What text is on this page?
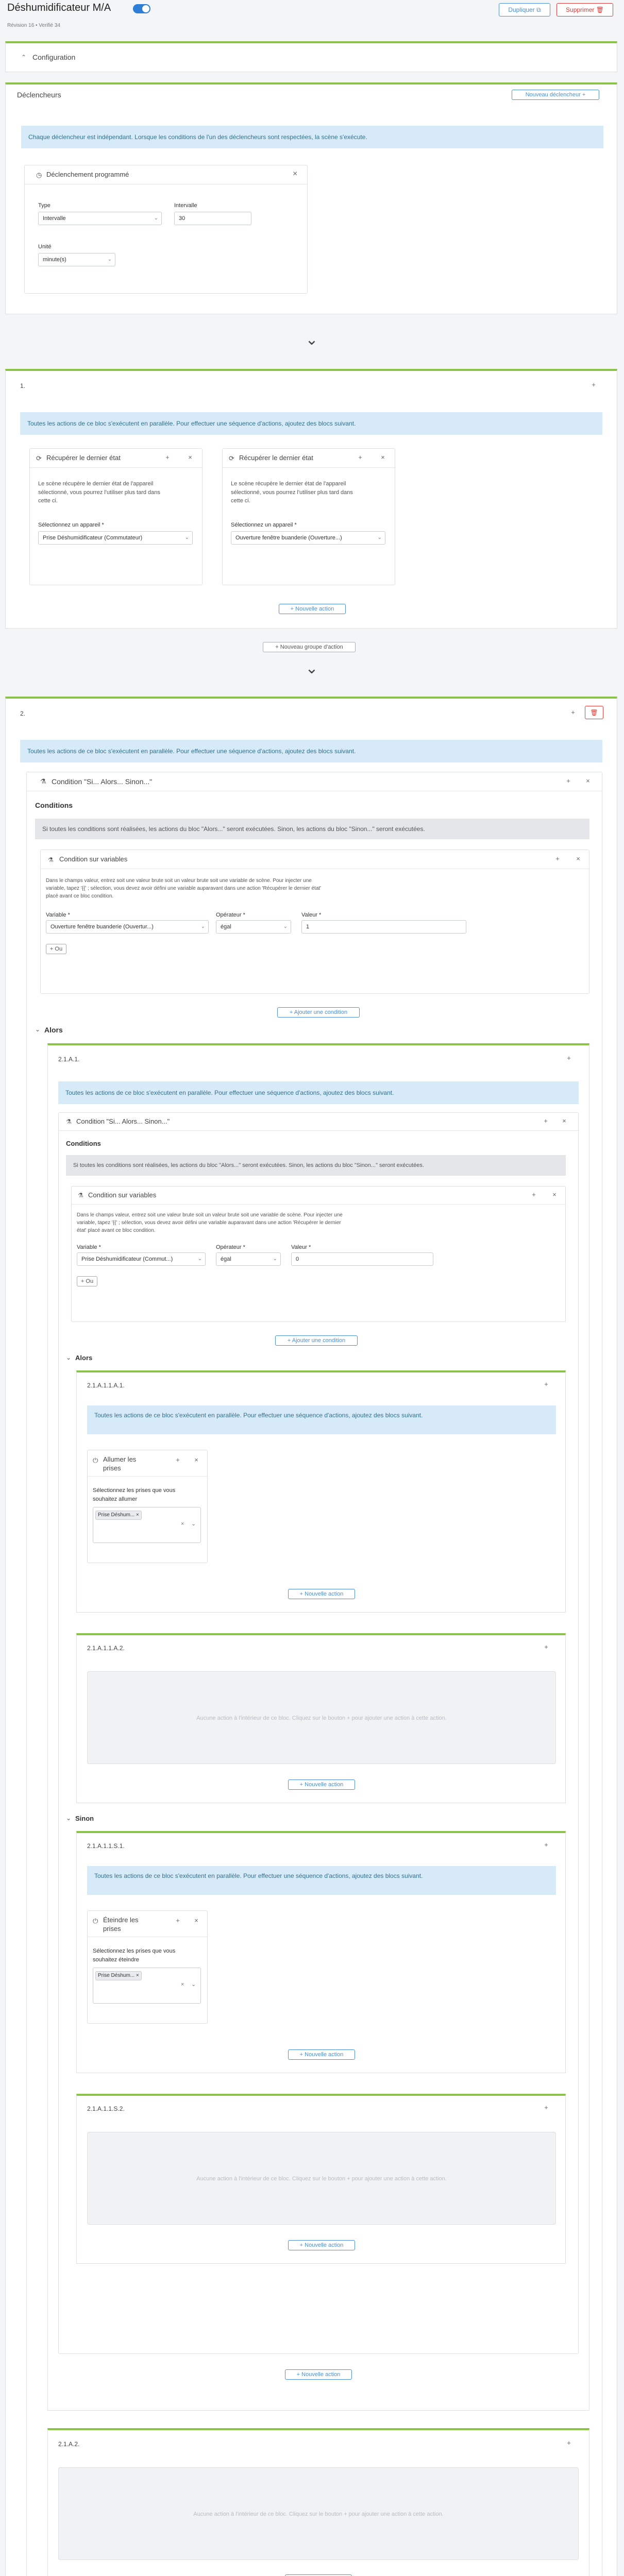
Déshumidificateur M/A
Révision 16 • Verifié 34
Dupliquer ⧉	Supprimer 🗑
⌃ Configuration
Déclencheurs	Nouveau déclencheur +
Chaque déclencheur est indépendant. Lorsque les conditions de l'un des déclencheurs sont respectées, la scène s'exécute.
◷ Déclenchement programmé	×
Type
Intervalle	⌄
Intervalle
30
Unité
minute(s)	⌄
⌄
1.	+
Toutes les actions de ce bloc s'exécutent en parallèle. Pour effectuer une séquence d'actions, ajoutez des blocs suivant.
⟳ Récupérer le dernier état	+	×
Le scène récupère le dernier état de l'appareil sélectionné, vous pourrez l'utiliser plus tard dans cette ci.
Sélectionnez un appareil *
Prise Déshumidificateur (Commutateur)	⌄
⟳ Récupérer le dernier état	+	×
Le scène récupère le dernier état de l'appareil sélectionné, vous pourrez l'utiliser plus tard dans cette ci.
Sélectionnez un appareil *
Ouverture fenêtre buanderie (Ouverture...)	⌄
+ Nouvelle action
+ Nouveau groupe d'action
⌄
2.	+	🗑
Toutes les actions de ce bloc s'exécutent en parallèle. Pour effectuer une séquence d'actions, ajoutez des blocs suivant.
⚗ Condition "Si... Alors... Sinon..."	+ ×
Conditions
Si toutes les conditions sont réalisées, les actions du bloc "Alors..." seront exécutées. Sinon, les actions du bloc "Sinon..." seront exécutées.
⚗ Condition sur variables	+ ×
Dans le champs valeur, entrez soit une valeur brute soit un valeur brute soit une variable de scène. Pour injecter une variable, tapez '{{' ; sélection, vous devez avoir défini une variable auparavant dans une action 'Récupérer le dernier état' placé avant ce bloc condition.
Variable *
Ouverture fenêtre buanderie (Ouvertur...)	⌄
Opérateur *
égal	⌄
Valeur *
1
+ Ou
+ Ajouter une condition
⌄ Alors
2.1.A.1.	+
Toutes les actions de ce bloc s'exécutent en parallèle. Pour effectuer une séquence d'actions, ajoutez des blocs suivant.
⚗ Condition "Si... Alors... Sinon..."	+ ×
Conditions
Si toutes les conditions sont réalisées, les actions du bloc "Alors..." seront exécutées. Sinon, les actions du bloc "Sinon..." seront exécutées.
⚗ Condition sur variables	+ ×
Dans le champs valeur, entrez soit une valeur brute soit un valeur brute soit une variable de scène. Pour injecter une variable, tapez '{{' ; sélection, vous devez avoir défini une variable auparavant dans une action 'Récupérer le dernier état' placé avant ce bloc condition.
Variable *
Prise Déshumidificateur (Commut...)	⌄
Opérateur *
égal	⌄
Valeur *
0
+ Ou
+ Ajouter une condition
⌄ Alors
2.1.A.1.1.A.1.	+
Toutes les actions de ce bloc s'exécutent en parallèle. Pour effectuer une séquence d'actions, ajoutez des blocs suivant.
⏻ Allumer les prises
+ ×
Sélectionnez les prises que vous souhaitez allumer
Prise Déshum... ×
× ⌄
+ Nouvelle action
2.1.A.1.1.A.2.	+
Aucune action à l'intérieur de ce bloc. Cliquez sur le bouton + pour ajouter une action à cette action.
+ Nouvelle action
⌄ Sinon
2.1.A.1.1.S.1.	+
Toutes les actions de ce bloc s'exécutent en parallèle. Pour effectuer une séquence d'actions, ajoutez des blocs suivant.
⏻ Éteindre les prises
+ ×
Sélectionnez les prises que vous souhaitez éteindre
Prise Déshum... ×
× ⌄
+ Nouvelle action
2.1.A.1.1.S.2.	+
Aucune action à l'intérieur de ce bloc. Cliquez sur le bouton + pour ajouter une action à cette action.
+ Nouvelle action
+ Nouvelle action
2.1.A.2.	+
Aucune action à l'intérieur de ce bloc. Cliquez sur le bouton + pour ajouter une action à cette action.
